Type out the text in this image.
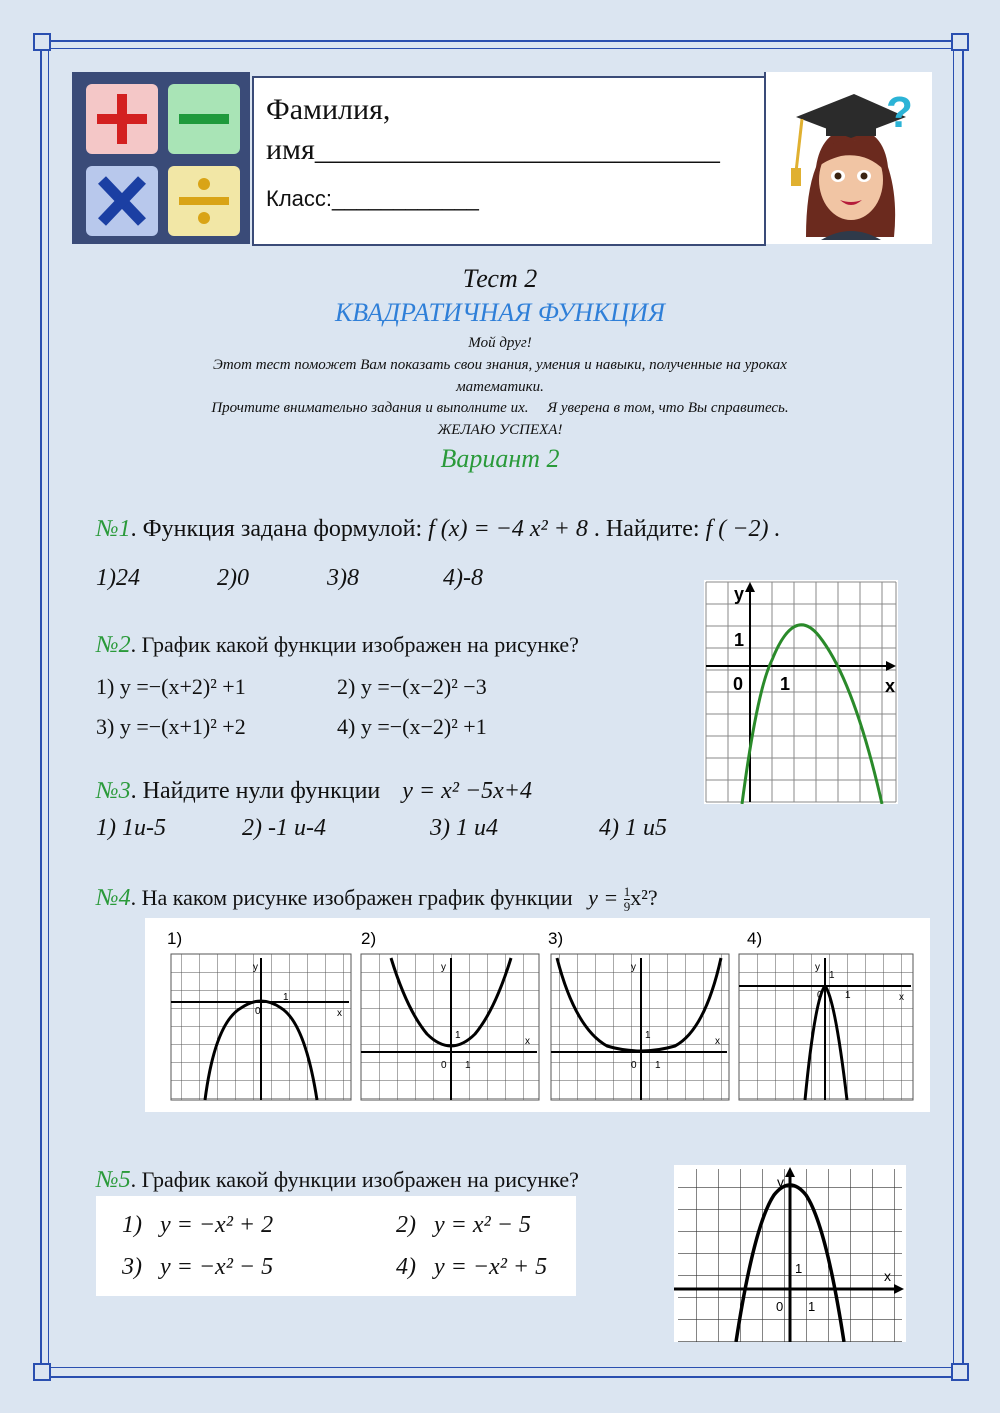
Фамилия,
имя___________________________
Класс:____________
?
Тест 2
КВАДРАТИЧНАЯ ФУНКЦИЯ
Мой друг!
Этот тест поможет Вам показать свои знания, умения и навыки, полученные на уроках
математики.
Прочтите внимательно задания и выполните их.     Я уверена в том, что Вы справитесь.
ЖЕЛАЮ УСПЕХА!
Вариант 2
№1. Функция задана формулой: f (x) = −4 x² + 8 . Найдите: f ( −2) .
1)24	2)0	3)8	4)-8
№2. График какой функции изображен на рисунке?
1) y =−(x+2)² +1	2) y =−(x−2)² −3
3) y =−(x+1)² +2	4) y =−(x−2)² +1
y
x
0 1
1
№3. Найдите нули функции y = x² −5x+4
1) 1и-5	2) -1 и-4	3) 1 и4	4) 1 и5
№4. На каком рисунке изображен график функции $y = \frac{1}{9} x^2$?
1)	2)	3)	4)
y
x
0
1
y
x
0 1
1
y
x
0 1
1
y
x
0 1
1
№5. График какой функции изображен на рисунке?
1)   y = −x² + 2	2)   y = x² − 5
3)   y = −x² − 5	4)   y = −x² + 5
y
x
0 1
1
